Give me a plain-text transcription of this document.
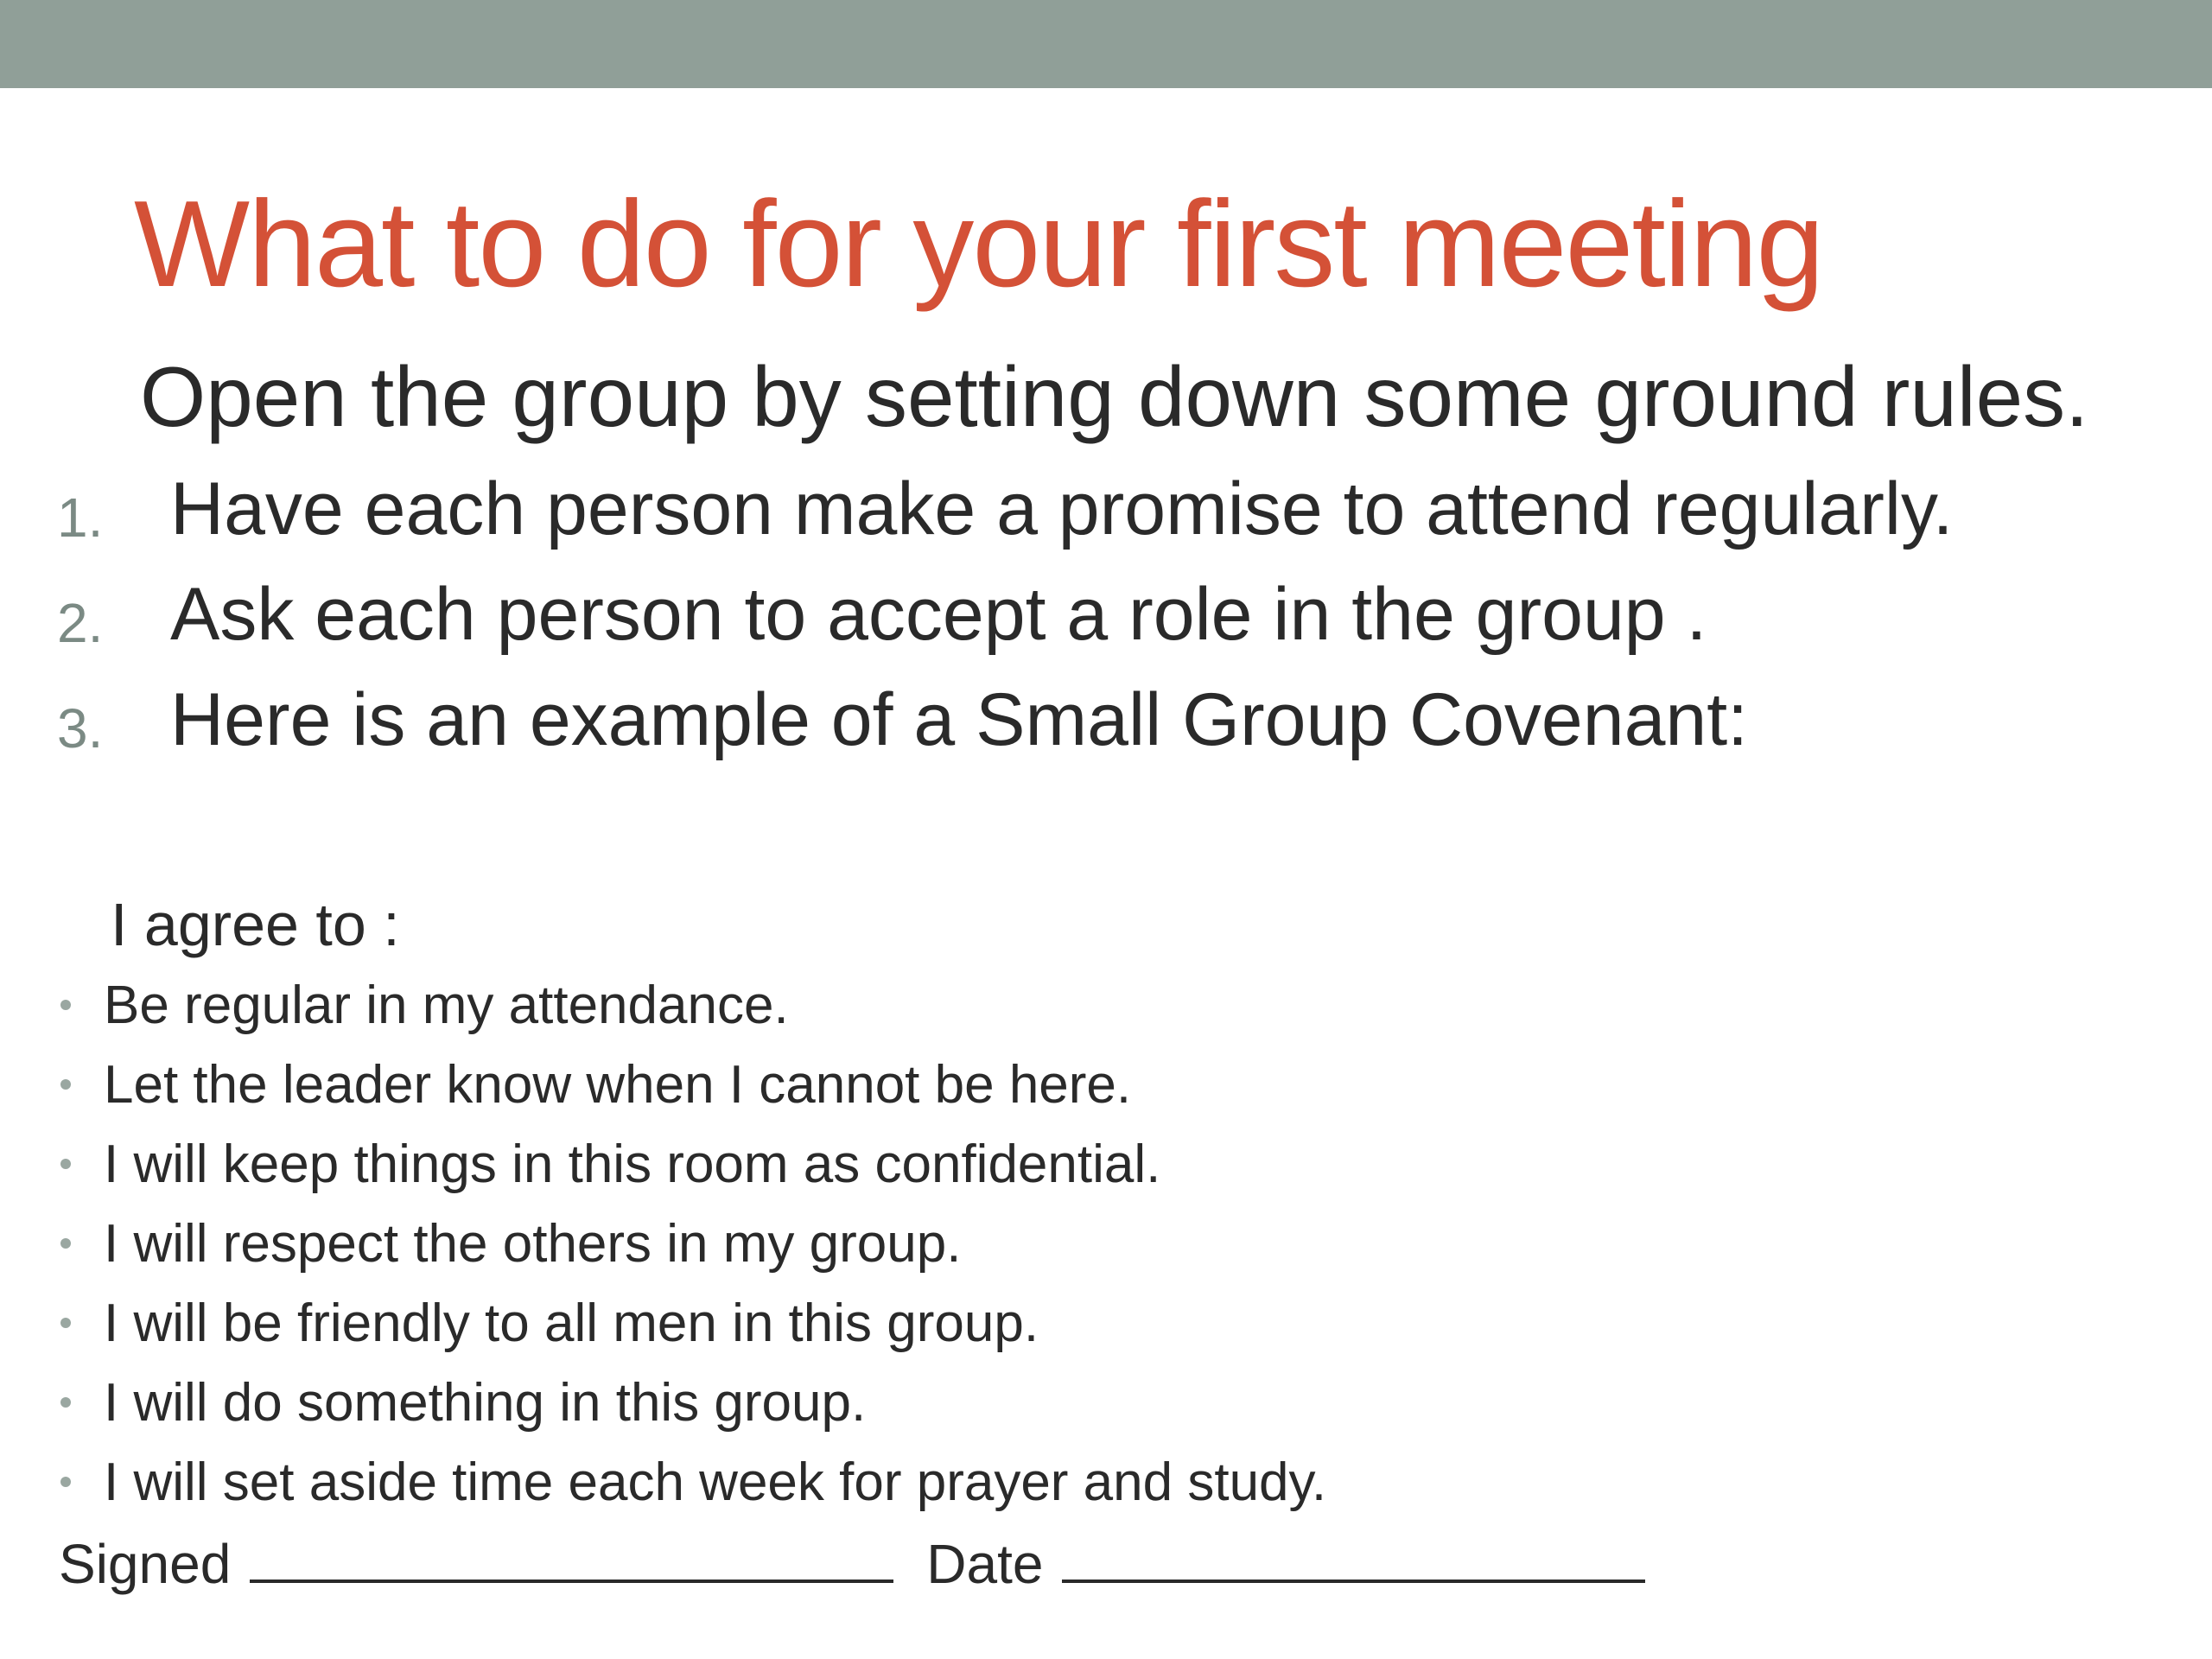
What to do for your first meeting
Open the group by setting down some ground rules.
1. Have each person make a promise to attend regularly.
2. Ask each person to accept a role in the group .
3. Here is an example of a Small Group Covenant:
I agree to :
Be regular in my attendance.
Let the leader know when I cannot be here.
I will keep things in this room as confidential.
I will respect the others in my group.
I will be friendly to all men in this group.
I will do something in this group.
I will set aside time each week for prayer and study.
Signed	Date
